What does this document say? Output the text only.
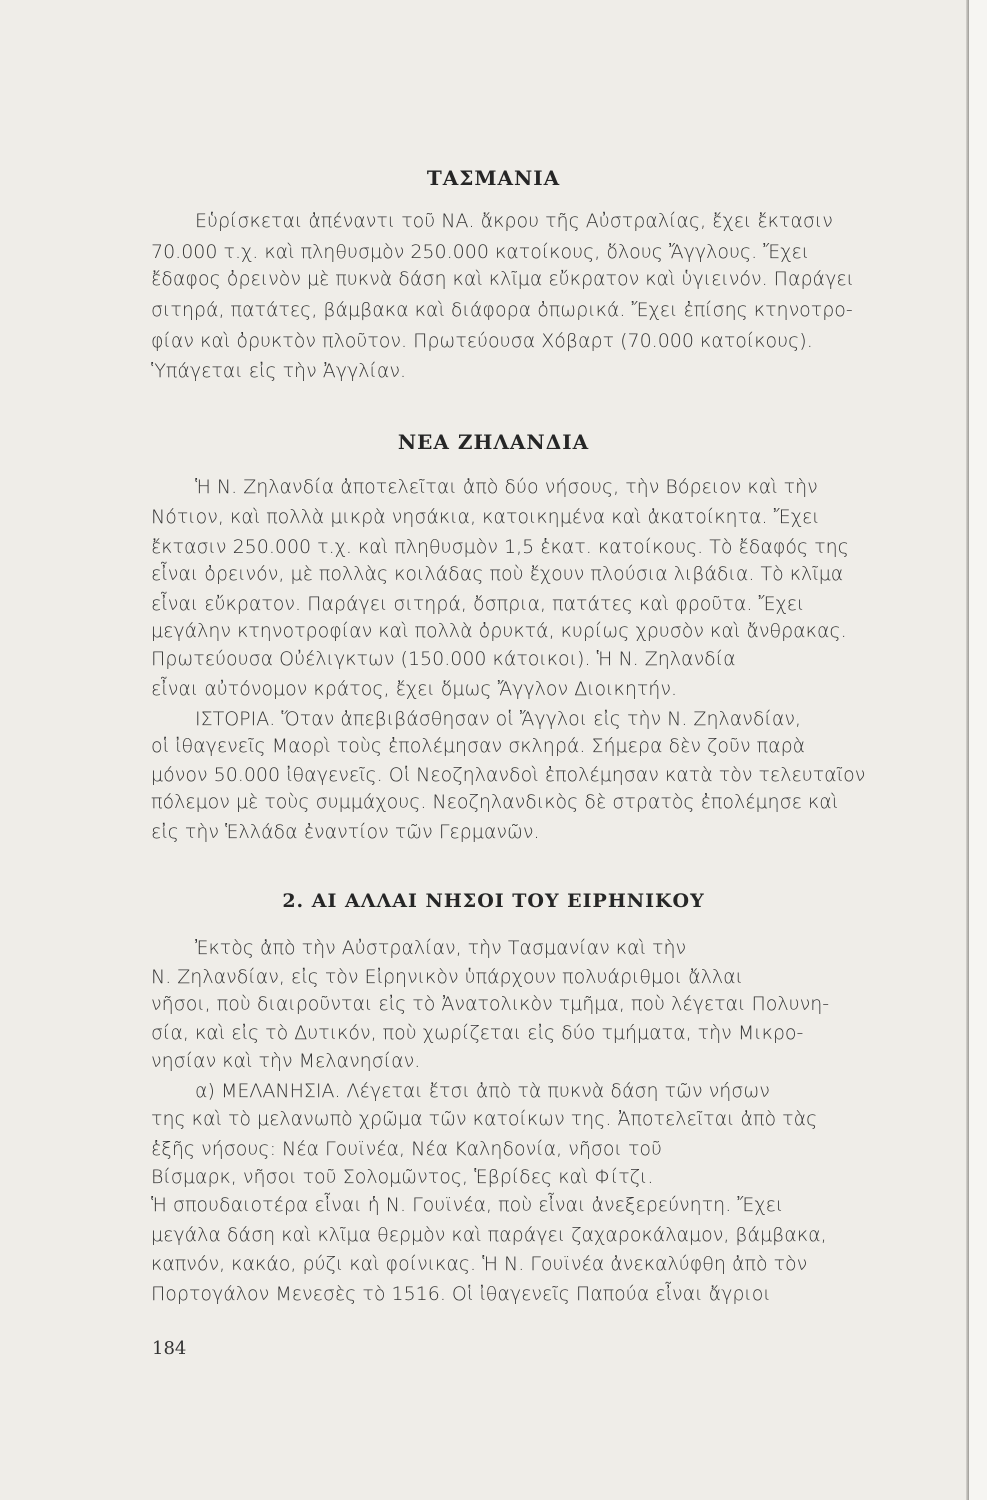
ΤΑΣΜΑΝΙΑ
Εὑρίσκεται ἀπέναντι τοῦ ΝΑ. ἄκρου τῆς Αὐστραλίας, ἔχει ἔκτασιν
70.000 τ.χ. καὶ πληθυσμὸν 250.000 κατοίκους, ὅλους Ἄγγλους. Ἔχει
ἔδαφος ὀρεινὸν μὲ πυκνὰ δάση καὶ κλῖμα εὔκρατον καὶ ὑγιεινόν. Παράγει
σιτηρά, πατάτες, βάμβακα καὶ διάφορα ὀπωρικά. Ἔχει ἐπίσης κτηνοτρο-
φίαν καὶ ὀρυκτὸν πλοῦτον. Πρωτεύουσα Χόβαρτ (70.000 κατοίκους).
Ὑπάγεται εἰς τὴν Ἀγγλίαν.
ΝΕΑ ΖΗΛΑΝΔΙΑ
Ἡ Ν. Ζηλανδία ἀποτελεῖται ἀπὸ δύο νήσους, τὴν Βόρειον καὶ τὴν
Νότιον, καὶ πολλὰ μικρὰ νησάκια, κατοικημένα καὶ ἀκατοίκητα. Ἔχει
ἔκτασιν 250.000 τ.χ. καὶ πληθυσμὸν 1,5 ἑκατ. κατοίκους. Τὸ ἔδαφός της
εἶναι ὀρεινόν, μὲ πολλὰς κοιλάδας ποὺ ἔχουν πλούσια λιβάδια. Τὸ κλῖμα
εἶναι εὔκρατον. Παράγει σιτηρά, ὄσπρια, πατάτες καὶ φροῦτα. Ἔχει
μεγάλην κτηνοτροφίαν καὶ πολλὰ ὀρυκτά, κυρίως χρυσὸν καὶ ἄνθρακας.
Πρωτεύουσα Οὐέλιγκτων (150.000 κάτοικοι). Ἡ Ν. Ζηλανδία
εἶναι αὐτόνομον κράτος, ἔχει ὅμως Ἄγγλον Διοικητήν.
ΙΣΤΟΡΙΑ. Ὅταν ἀπεβιβάσθησαν οἱ Ἄγγλοι εἰς τὴν Ν. Ζηλανδίαν,
οἱ ἰθαγενεῖς Μαορὶ τοὺς ἐπολέμησαν σκληρά. Σήμερα δὲν ζοῦν παρὰ
μόνον 50.000 ἰθαγενεῖς. Οἱ Νεοζηλανδοὶ ἐπολέμησαν κατὰ τὸν τελευταῖον
πόλεμον μὲ τοὺς συμμάχους. Νεοζηλανδικὸς δὲ στρατὸς ἐπολέμησε καὶ
εἰς τὴν Ἑλλάδα ἐναντίον τῶν Γερμανῶν.
2. ΑΙ ΑΛΛΑΙ ΝΗΣΟΙ ΤΟΥ ΕΙΡΗΝΙΚΟΥ
Ἐκτὸς ἀπὸ τὴν Αὐστραλίαν, τὴν Τασμανίαν καὶ τὴν
Ν. Ζηλανδίαν, εἰς τὸν Εἰρηνικὸν ὑπάρχουν πολυάριθμοι ἄλλαι
νῆσοι, ποὺ διαιροῦνται εἰς τὸ Ἀνατολικὸν τμῆμα, ποὺ λέγεται Πολυνη-
σία, καὶ εἰς τὸ Δυτικόν, ποὺ χωρίζεται εἰς δύο τμήματα, τὴν Μικρο-
νησίαν καὶ τὴν Μελανησίαν.
α) ΜΕΛΑΝΗΣΙΑ. Λέγεται ἔτσι ἀπὸ τὰ πυκνὰ δάση τῶν νήσων
της καὶ τὸ μελανωπὸ χρῶμα τῶν κατοίκων της. Ἀποτελεῖται ἀπὸ τὰς
ἑξῆς νήσους: Νέα Γουϊνέα, Νέα Καληδονία, νῆσοι τοῦ
Βίσμαρκ, νῆσοι τοῦ Σολομῶντος, Ἑβρίδες καὶ Φίτζι.
Ἡ σπουδαιοτέρα εἶναι ἡ Ν. Γουϊνέα, ποὺ εἶναι ἀνεξερεύνητη. Ἔχει
μεγάλα δάση καὶ κλῖμα θερμὸν καὶ παράγει ζαχαροκάλαμον, βάμβακα,
καπνόν, κακάο, ρύζι καὶ φοίνικας. Ἡ Ν. Γουϊνέα ἀνεκαλύφθη ἀπὸ τὸν
Πορτογάλον Μενεσὲς τὸ 1516. Οἱ ἰθαγενεῖς Παπούα εἶναι ἄγριοι
184
